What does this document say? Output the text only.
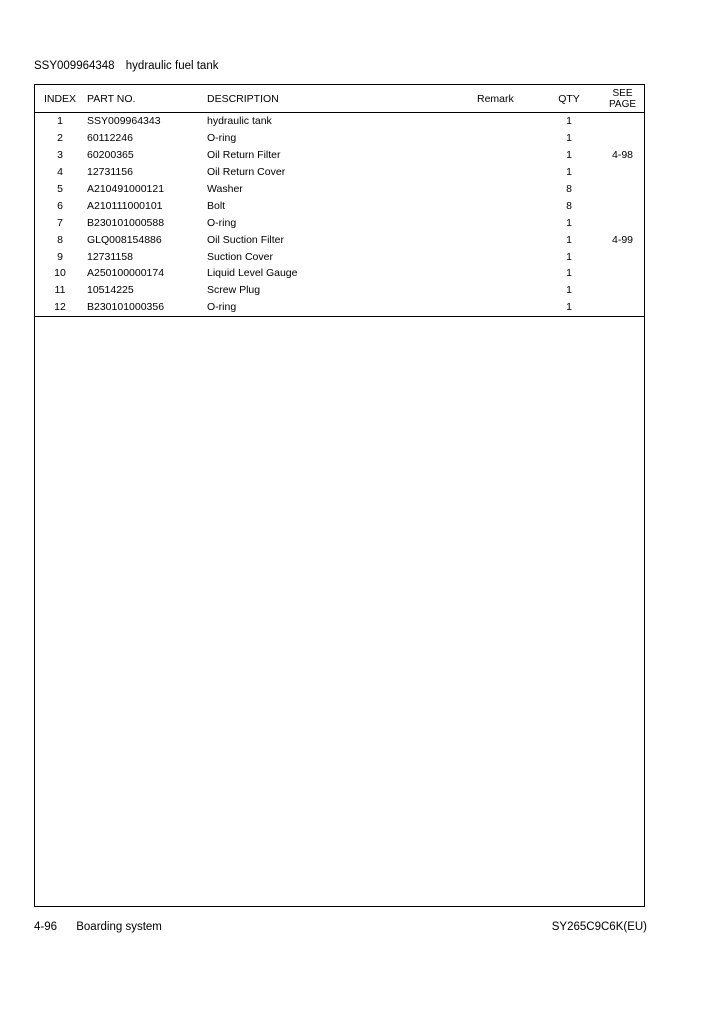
SSY009964348 hydraulic fuel tank
INDEX	PART NO.	DESCRIPTION	Remark	QTY	SEE
PAGE
1	SSY009964343	hydraulic tank		1	
2	60112246	O-ring		1	
3	60200365	Oil Return Filter		1	4-98
4	12731156	Oil Return Cover		1	
5	A210491000121	Washer		8	
6	A210111000101	Bolt		8	
7	B230101000588	O-ring		1	
8	GLQ008154886	Oil Suction Filter		1	4-99
9	12731158	Suction Cover		1	
10	A250100000174	Liquid Level Gauge		1	
11	10514225	Screw Plug		1	
12	B230101000356	O-ring		1	
4-96 Boarding system	SY265C9C6K(EU)
